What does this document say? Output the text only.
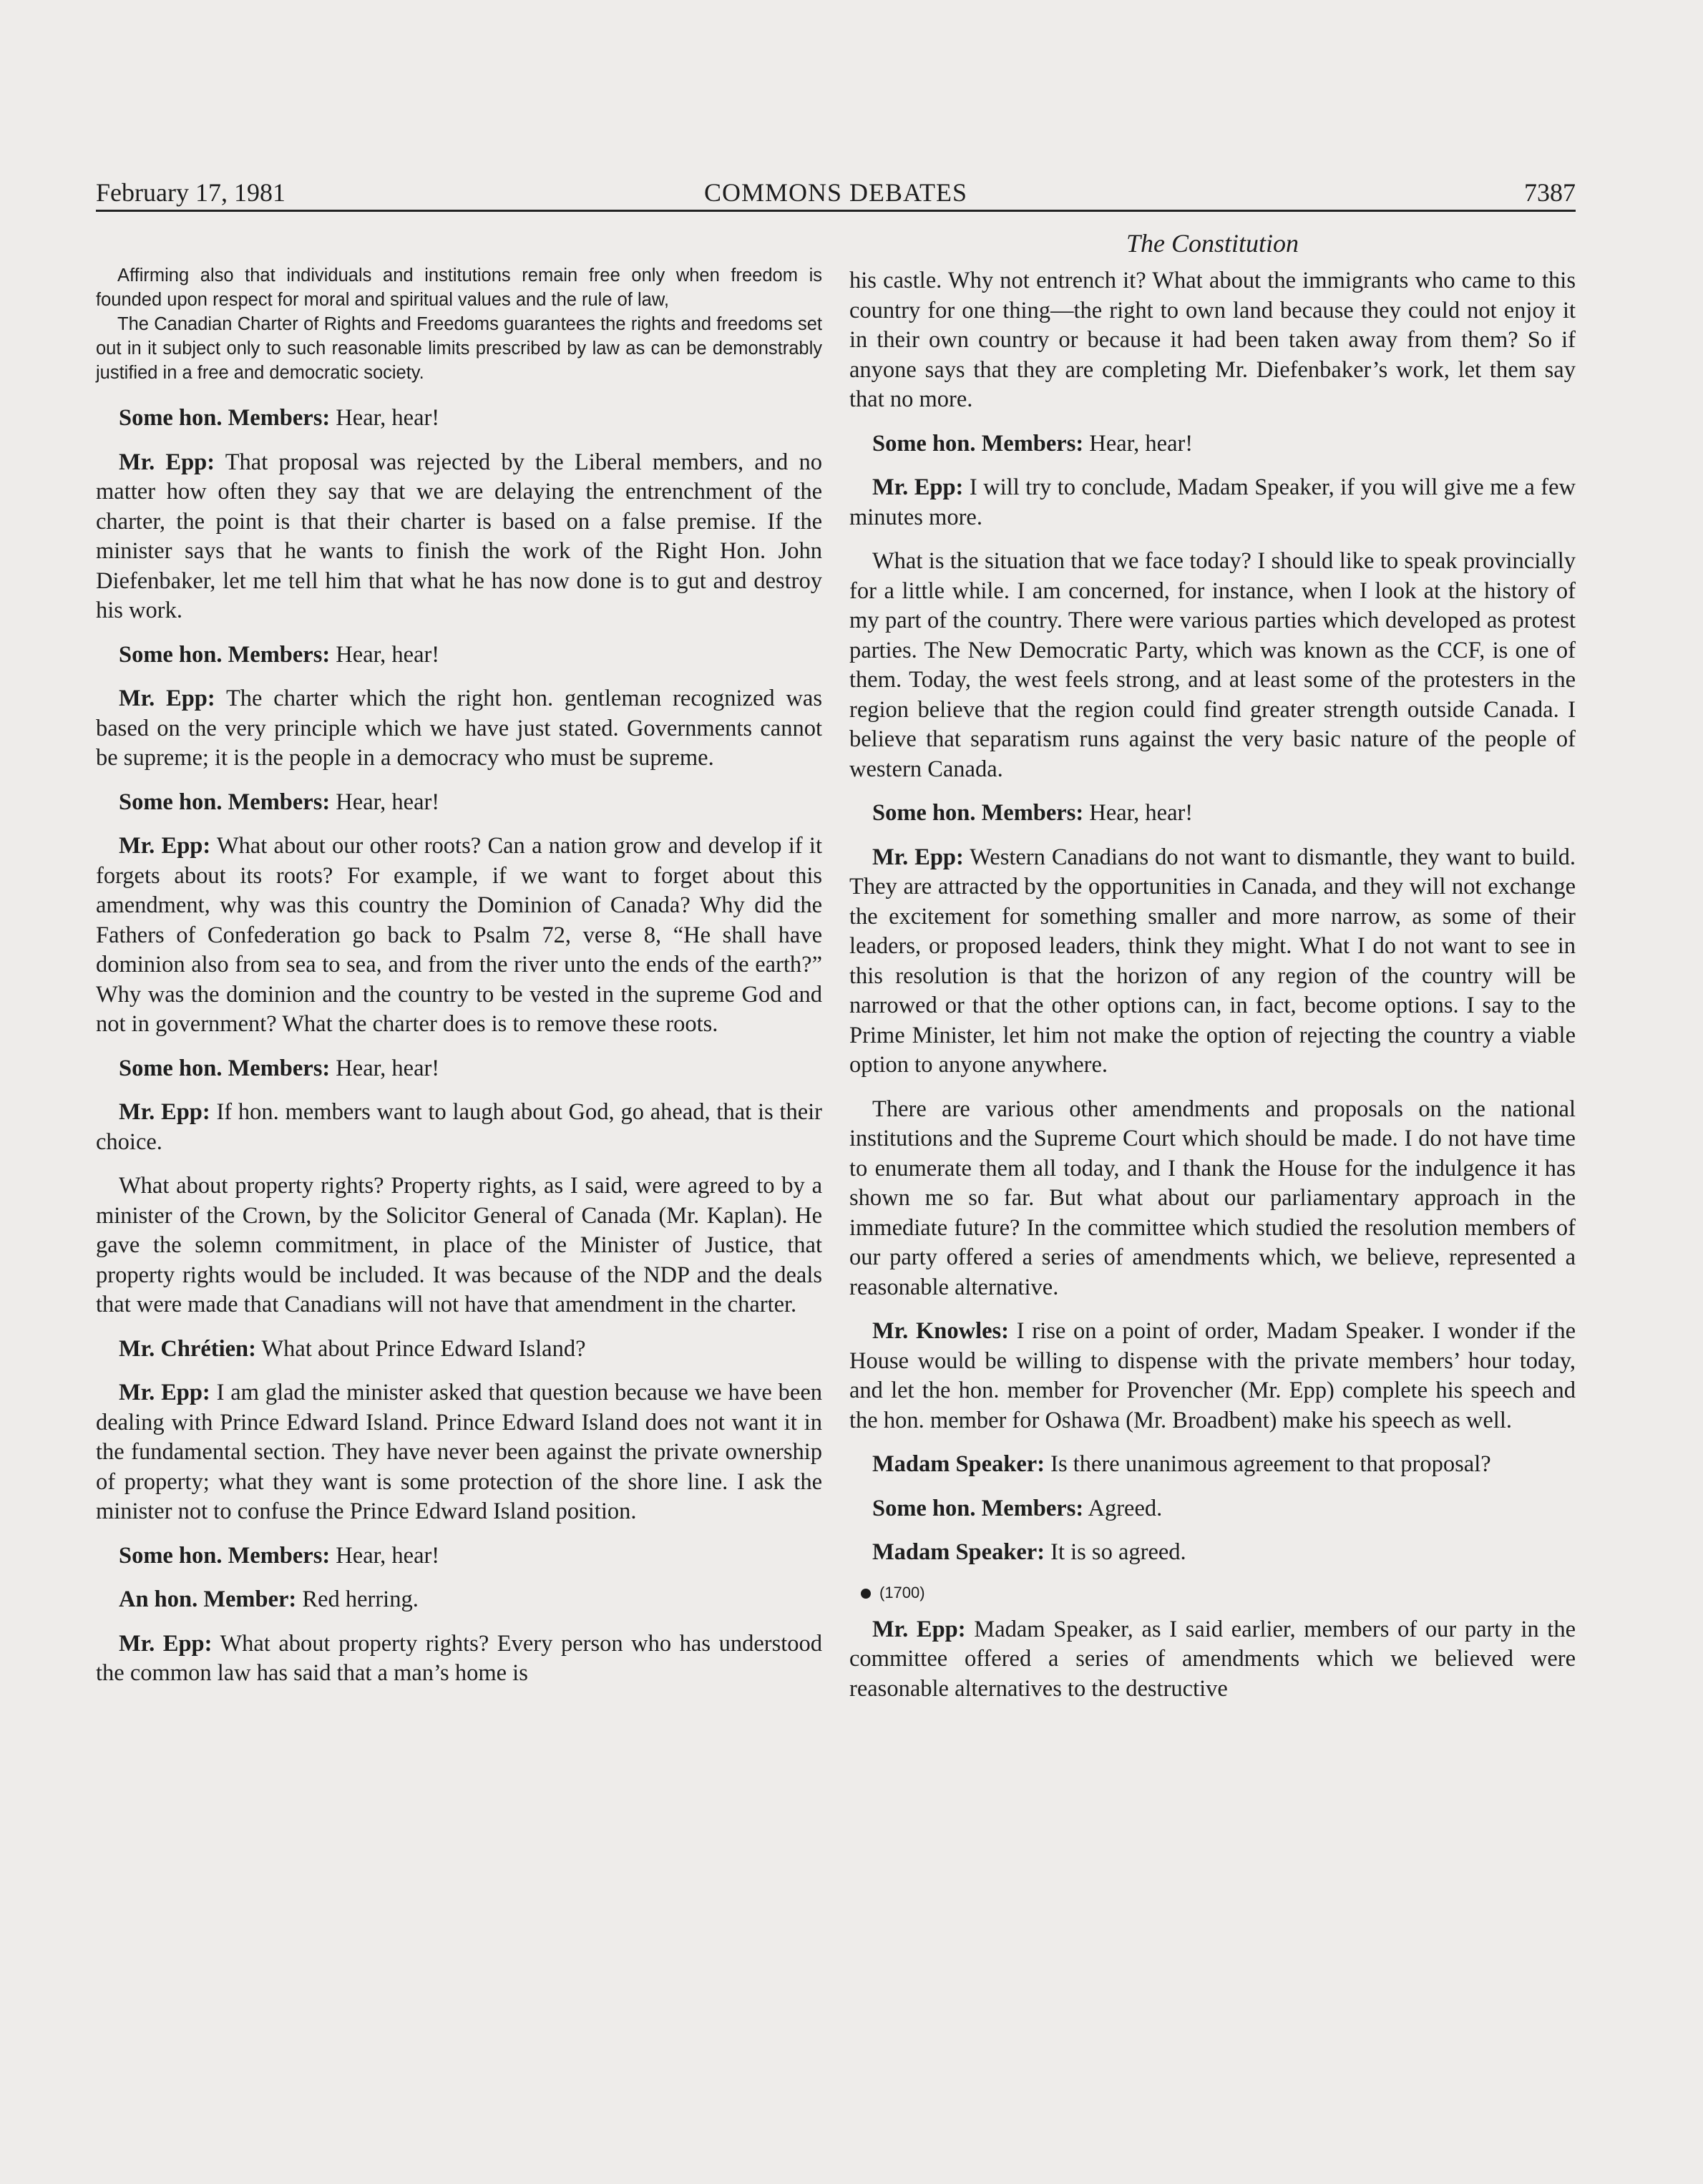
February 17, 1981	COMMONS DEBATES	7387
The Constitution

Affirming also that individuals and institutions remain free only when freedom is founded upon respect for moral and spiritual values and the rule of law,

The Canadian Charter of Rights and Freedoms guarantees the rights and freedoms set out in it subject only to such reasonable limits prescribed by law as can be demonstrably justified in a free and democratic society.

Some hon. Members: Hear, hear!

Mr. Epp: That proposal was rejected by the Liberal members, and no matter how often they say that we are delaying the entrenchment of the charter, the point is that their charter is based on a false premise. If the minister says that he wants to finish the work of the Right Hon. John Diefenbaker, let me tell him that what he has now done is to gut and destroy his work.

Some hon. Members: Hear, hear!

Mr. Epp: The charter which the right hon. gentleman recognized was based on the very principle which we have just stated. Governments cannot be supreme; it is the people in a democracy who must be supreme.

Some hon. Members: Hear, hear!

Mr. Epp: What about our other roots? Can a nation grow and develop if it forgets about its roots? For example, if we want to forget about this amendment, why was this country the Dominion of Canada? Why did the Fathers of Confederation go back to Psalm 72, verse 8, “He shall have dominion also from sea to sea, and from the river unto the ends of the earth?” Why was the dominion and the country to be vested in the supreme God and not in government? What the charter does is to remove these roots.

Some hon. Members: Hear, hear!

Mr. Epp: If hon. members want to laugh about God, go ahead, that is their choice.

What about property rights? Property rights, as I said, were agreed to by a minister of the Crown, by the Solicitor General of Canada (Mr. Kaplan). He gave the solemn commitment, in place of the Minister of Justice, that property rights would be included. It was because of the NDP and the deals that were made that Canadians will not have that amendment in the charter.

Mr. Chrétien: What about Prince Edward Island?

Mr. Epp: I am glad the minister asked that question because we have been dealing with Prince Edward Island. Prince Edward Island does not want it in the fundamental section. They have never been against the private ownership of property; what they want is some protection of the shore line. I ask the minister not to confuse the Prince Edward Island position.

Some hon. Members: Hear, hear!

An hon. Member: Red herring.

Mr. Epp: What about property rights? Every person who has understood the common law has said that a man’s home is

his castle. Why not entrench it? What about the immigrants who came to this country for one thing—the right to own land because they could not enjoy it in their own country or because it had been taken away from them? So if anyone says that they are completing Mr. Diefenbaker’s work, let them say that no more.

Some hon. Members: Hear, hear!

Mr. Epp: I will try to conclude, Madam Speaker, if you will give me a few minutes more.

What is the situation that we face today? I should like to speak provincially for a little while. I am concerned, for instance, when I look at the history of my part of the country. There were various parties which developed as protest parties. The New Democratic Party, which was known as the CCF, is one of them. Today, the west feels strong, and at least some of the protesters in the region believe that the region could find greater strength outside Canada. I believe that separatism runs against the very basic nature of the people of western Canada.

Some hon. Members: Hear, hear!

Mr. Epp: Western Canadians do not want to dismantle, they want to build. They are attracted by the opportunities in Canada, and they will not exchange the excitement for something smaller and more narrow, as some of their leaders, or proposed leaders, think they might. What I do not want to see in this resolution is that the horizon of any region of the country will be narrowed or that the other options can, in fact, become options. I say to the Prime Minister, let him not make the option of rejecting the country a viable option to anyone anywhere.

There are various other amendments and proposals on the national institutions and the Supreme Court which should be made. I do not have time to enumerate them all today, and I thank the House for the indulgence it has shown me so far. But what about our parliamentary approach in the immediate future? In the committee which studied the resolution members of our party offered a series of amendments which, we believe, represented a reasonable alternative.

Mr. Knowles: I rise on a point of order, Madam Speaker. I wonder if the House would be willing to dispense with the private members’ hour today, and let the hon. member for Provencher (Mr. Epp) complete his speech and the hon. member for Oshawa (Mr. Broadbent) make his speech as well.

Madam Speaker: Is there unanimous agreement to that proposal?

Some hon. Members: Agreed.

Madam Speaker: It is so agreed.

(1700)

Mr. Epp: Madam Speaker, as I said earlier, members of our party in the committee offered a series of amendments which we believed were reasonable alternatives to the destructive
